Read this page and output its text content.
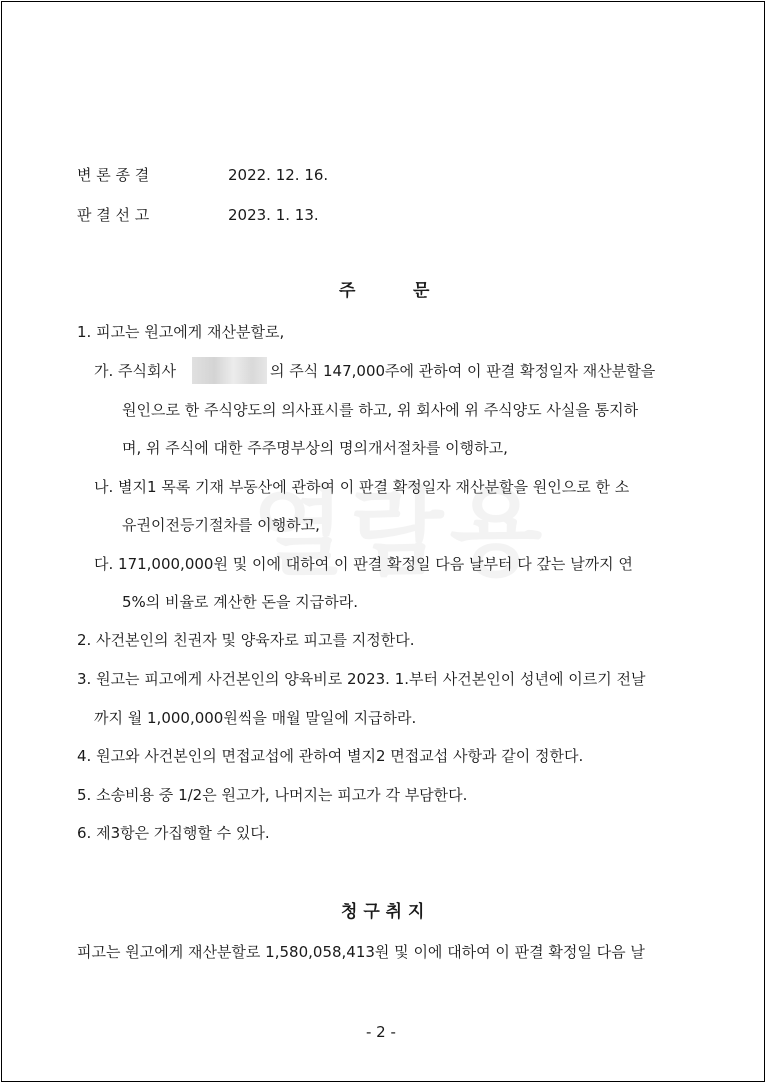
변 론 종 결	2022. 12. 16.
판 결 선 고	2023. 1. 13.
주	문
1. 피고는 원고에게 재산분할로,
가. 주식회사	의 주식 147,000주에 관하여 이 판결 확정일자 재산분할을
원인으로 한 주식양도의 의사표시를 하고, 위 회사에 위 주식양도 사실을 통지하
며, 위 주식에 대한 주주명부상의 명의개서절차를 이행하고,
나. 별지1 목록 기재 부동산에 관하여 이 판결 확정일자 재산분할을 원인으로 한 소
유권이전등기절차를 이행하고,
다. 171,000,000원 및 이에 대하여 이 판결 확정일 다음 날부터 다 갚는 날까지 연
5%의 비율로 계산한 돈을 지급하라.
2. 사건본인의 친권자 및 양육자로 피고를 지정한다.
3. 원고는 피고에게 사건본인의 양육비로 2023. 1.부터 사건본인이 성년에 이르기 전날
까지 월 1,000,000원씩을 매월 말일에 지급하라.
4. 원고와 사건본인의 면접교섭에 관하여 별지2 면접교섭 사항과 같이 정한다.
5. 소송비용 중 1/2은 원고가, 나머지는 피고가 각 부담한다.
6. 제3항은 가집행할 수 있다.
청 구 취 지
피고는 원고에게 재산분할로 1,580,058,413원 및 이에 대하여 이 판결 확정일 다음 날
- 2 -
